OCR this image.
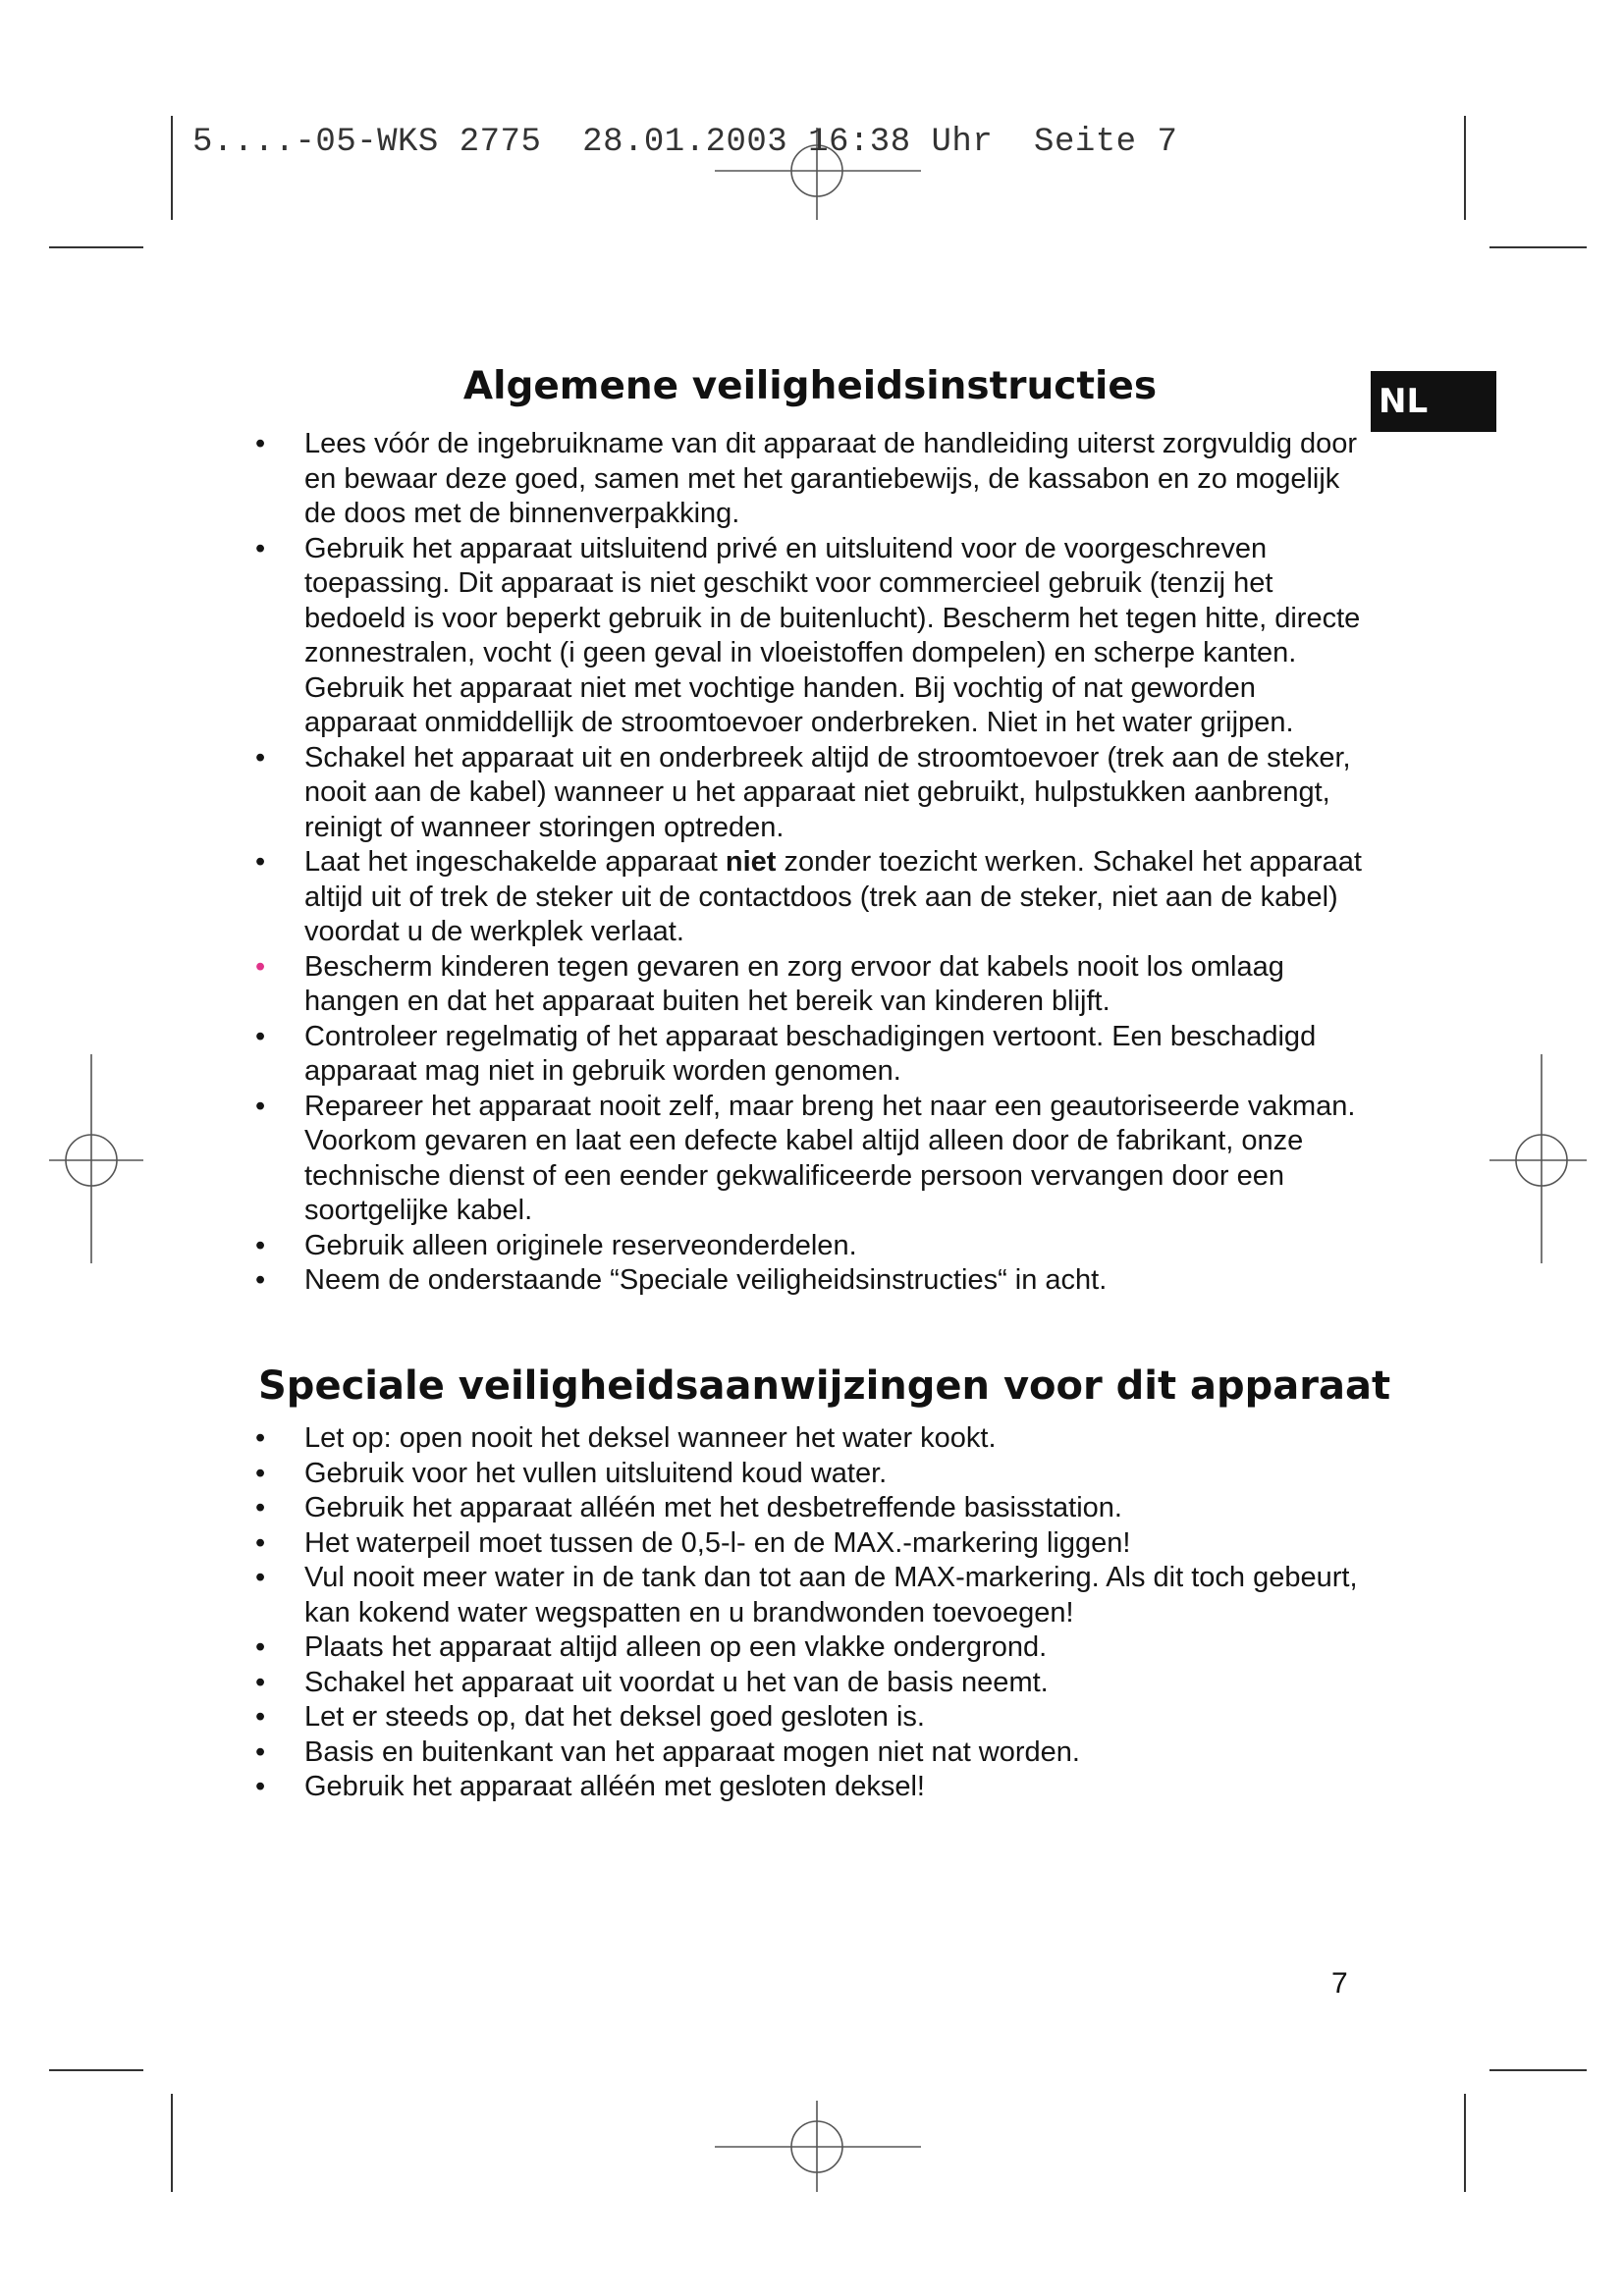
5....-05-WKS 2775  28.01.2003 16:38 Uhr  Seite 7
NL
Algemene veiligheidsinstructies
•	Lees vóór de ingebruikname van dit apparaat de handleiding uiterst zorgvuldig door en bewaar deze goed, samen met het garantiebewijs, de kassabon en zo mogelijk de doos met de binnenverpakking.
•	Gebruik het apparaat uitsluitend privé en uitsluitend voor de voorgeschreven toepassing. Dit apparaat is niet geschikt voor commercieel gebruik (tenzij het bedoeld is voor beperkt gebruik in de buitenlucht). Bescherm het tegen hitte, directe zonnestralen, vocht (i geen geval in vloeistoffen dompelen) en scherpe kanten. Gebruik het apparaat niet met vochtige handen. Bij vochtig of nat geworden apparaat onmiddellijk de stroomtoevoer onderbreken. Niet in het water grijpen.
•	Schakel het apparaat uit en onderbreek altijd de stroomtoevoer (trek aan de steker, nooit aan de kabel) wanneer u het apparaat niet gebruikt, hulpstukken aanbrengt, reinigt of wanneer storingen optreden.
•	Laat het ingeschakelde apparaat niet zonder toezicht werken. Schakel het apparaat altijd uit of trek de steker uit de contactdoos (trek aan de steker, niet aan de kabel) voordat u de werkplek verlaat.
•	Bescherm kinderen tegen gevaren en zorg ervoor dat kabels nooit los omlaag hangen en dat het apparaat buiten het bereik van kinderen blijft.
•	Controleer regelmatig of het apparaat beschadigingen vertoont. Een beschadigd apparaat mag niet in gebruik worden genomen.
•	Repareer het apparaat nooit zelf, maar breng het naar een geautoriseerde vakman. Voorkom gevaren en laat een defecte kabel altijd alleen door de fabrikant, onze technische dienst of een eender gekwalificeerde persoon vervangen door een soortgelijke kabel.
•	Gebruik alleen originele reserveonderdelen.
•	Neem de onderstaande “Speciale veiligheidsinstructies“ in acht.
Speciale veiligheidsaanwijzingen voor dit apparaat
•	Let op: open nooit het deksel wanneer het water kookt.
•	Gebruik voor het vullen uitsluitend koud water.
•	Gebruik het apparaat alléén met het desbetreffende basisstation.
•	Het waterpeil moet tussen de 0,5-l- en de MAX.-markering liggen!
•	Vul nooit meer water in de tank dan tot aan de MAX-markering. Als dit toch gebeurt, kan kokend water wegspatten en u brandwonden toevoegen!
•	Plaats het apparaat altijd alleen op een vlakke ondergrond.
•	Schakel het apparaat uit voordat u het van de basis neemt.
•	Let er steeds op, dat het deksel goed gesloten is.
•	Basis en buitenkant van het apparaat mogen niet nat worden.
•	Gebruik het apparaat alléén met gesloten deksel!
7
